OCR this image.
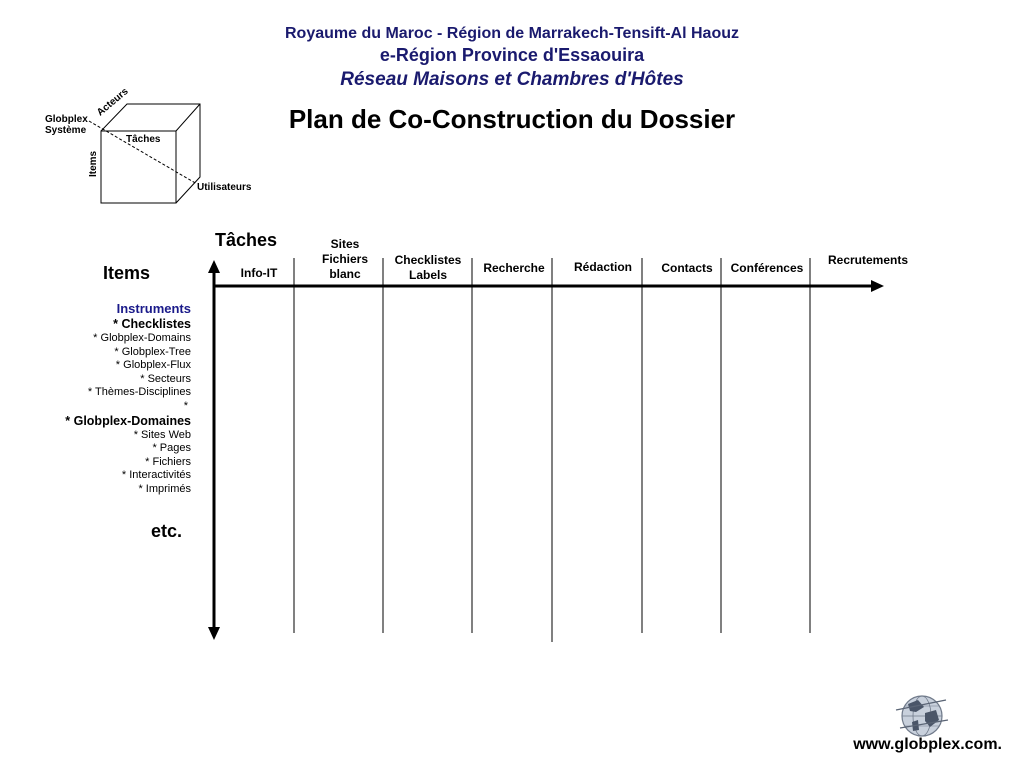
Royaume du Maroc - Région de Marrakech-Tensift-Al Haouz
e-Région Province d'Essaouira
Réseau Maisons et Chambres d'Hôtes
Plan de Co-Construction du Dossier
Globplex
Système
Acteurs
Tâches
Items
Utilisateurs
Tâches
Items	Info-IT
Sites
Fichiers
blanc
Checklistes
Labels	Recherche	Rédaction	Contacts	Conférences
Recrutements
Instruments
* Checklistes
* Globplex-Domains
* Globplex-Tree
* Globplex-Flux
* Secteurs
* Thèmes-Disciplines
*
* Globplex-Domaines
* Sites Web
* Pages
* Fichiers
* Interactivités
* Imprimés
etc.
www.globplex.com.
